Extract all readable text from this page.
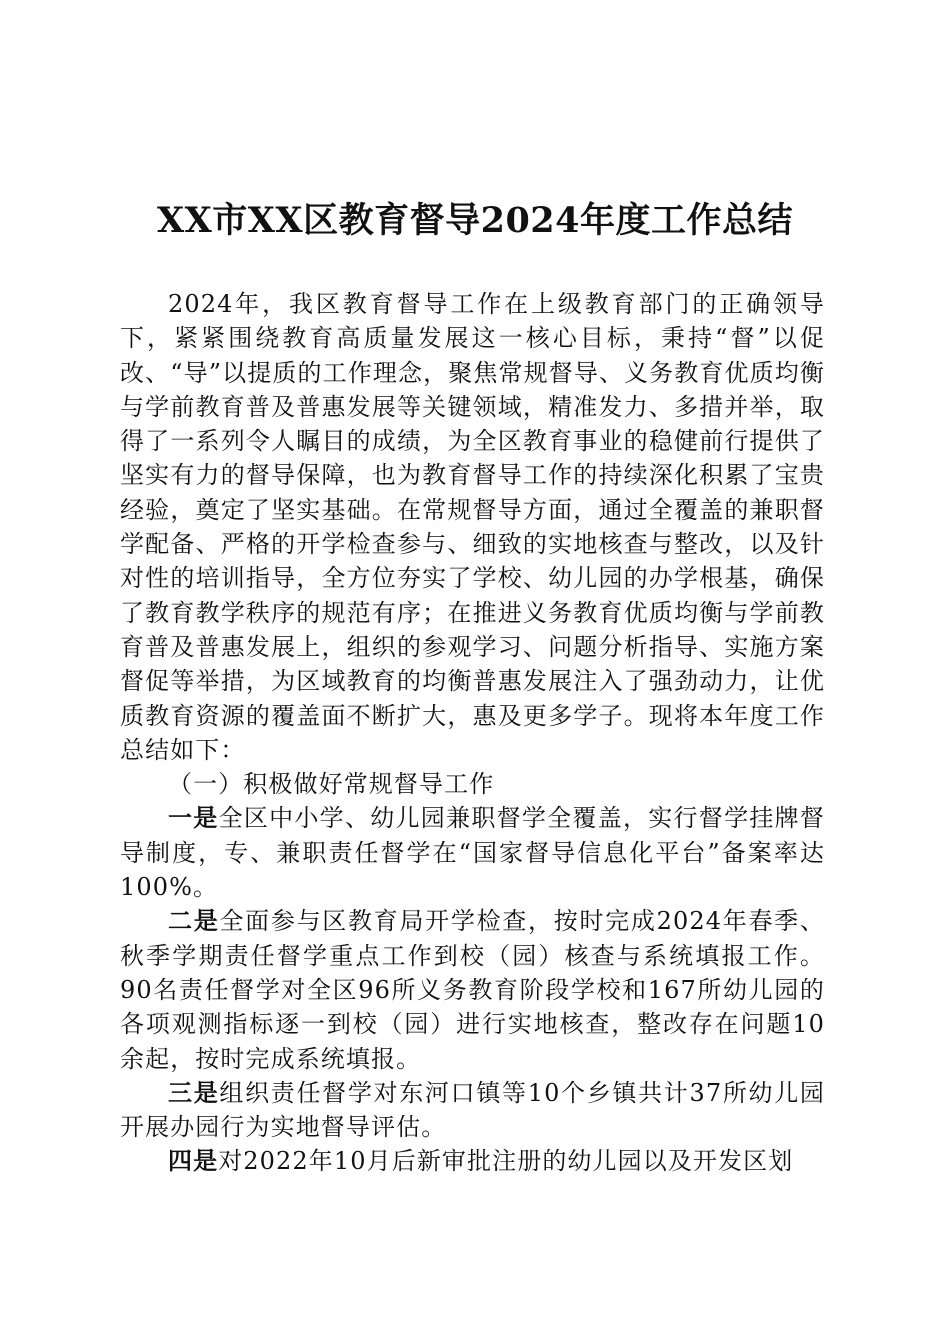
XX市XX区教育督导2024年度工作总结

2024年，我区教育督导工作在上级教育部门的正确领导下，紧紧围绕教育高质量发展这一核心目标，秉持“督”以促改、“导”以提质的工作理念，聚焦常规督导、义务教育优质均衡与学前教育普及普惠发展等关键领域，精准发力、多措并举，取得了一系列令人瞩目的成绩，为全区教育事业的稳健前行提供了坚实有力的督导保障，也为教育督导工作的持续深化积累了宝贵经验，奠定了坚实基础。在常规督导方面，通过全覆盖的兼职督学配备、严格的开学检查参与、细致的实地核查与整改，以及针对性的培训指导，全方位夯实了学校、幼儿园的办学根基，确保了教育教学秩序的规范有序；在推进义务教育优质均衡与学前教育普及普惠发展上，组织的参观学习、问题分析指导、实施方案督促等举措，为区域教育的均衡普惠发展注入了强劲动力，让优质教育资源的覆盖面不断扩大，惠及更多学子。现将本年度工作总结如下：

（一）积极做好常规督导工作

一是全区中小学、幼儿园兼职督学全覆盖，实行督学挂牌督导制度，专、兼职责任督学在“国家督导信息化平台”备案率达100%。

二是全面参与区教育局开学检查，按时完成2024年春季、秋季学期责任督学重点工作到校（园）核查与系统填报工作。90名责任督学对全区96所义务教育阶段学校和167所幼儿园的各项观测指标逐一到校（园）进行实地核查，整改存在问题10余起，按时完成系统填报。

三是组织责任督学对东河口镇等10个乡镇共计37所幼儿园开展办园行为实地督导评估。

四是对2022年10月后新审批注册的幼儿园以及开发区划
